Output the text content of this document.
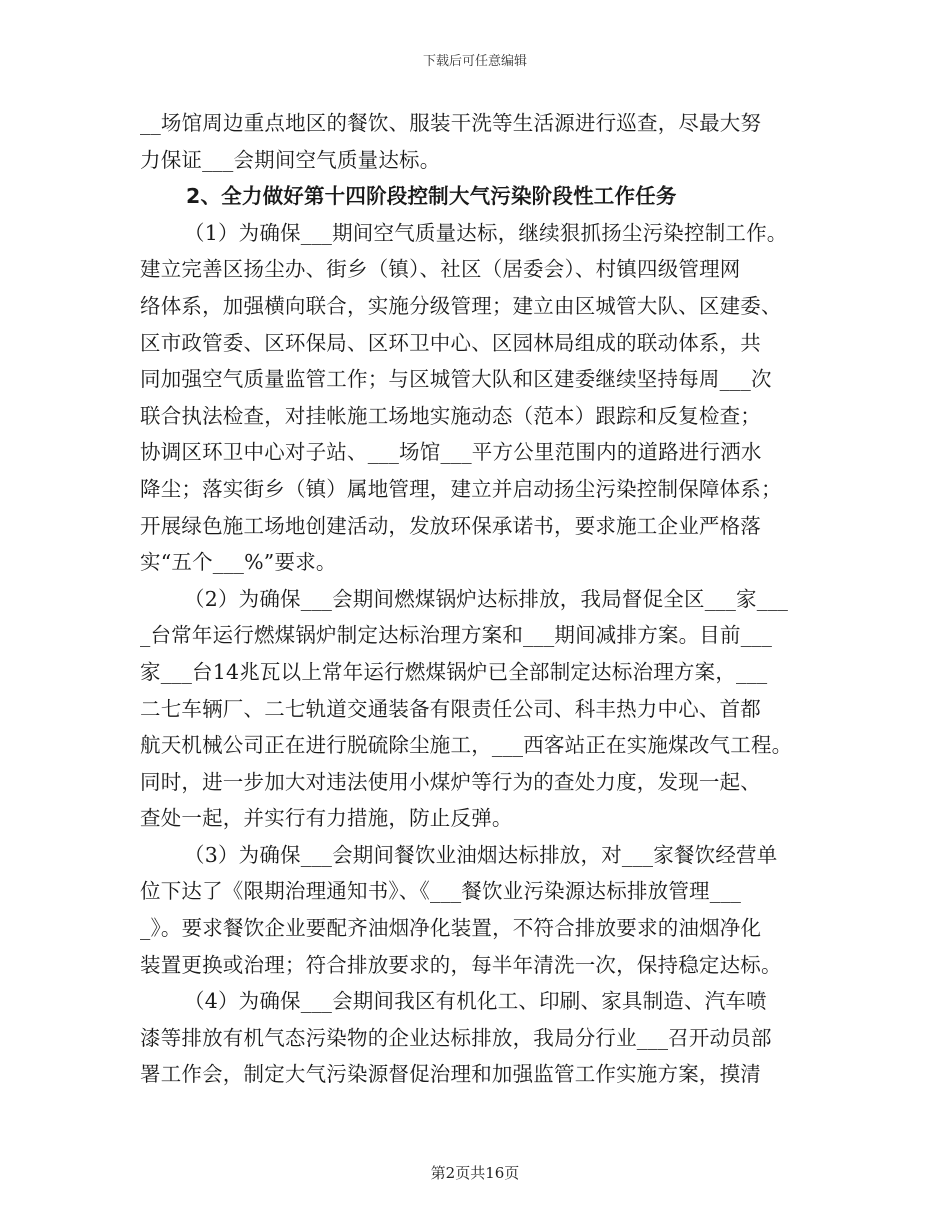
下载后可任意编辑
__场馆周边重点地区的餐饮、服装干洗等生活源进行巡查，尽最大努
力保证___会期间空气质量达标。
2、全力做好第十四阶段控制大气污染阶段性工作任务
（1）为确保___期间空气质量达标，继续狠抓扬尘污染控制工作。
建立完善区扬尘办、街乡（镇）、社区（居委会）、村镇四级管理网
络体系，加强横向联合，实施分级管理；建立由区城管大队、区建委、
区市政管委、区环保局、区环卫中心、区园林局组成的联动体系，共
同加强空气质量监管工作；与区城管大队和区建委继续坚持每周___次
联合执法检查，对挂帐施工场地实施动态（范本）跟踪和反复检查；
协调区环卫中心对子站、___场馆___平方公里范围内的道路进行洒水
降尘；落实街乡（镇）属地管理，建立并启动扬尘污染控制保障体系；
开展绿色施工场地创建活动，发放环保承诺书，要求施工企业严格落
实“五个___%”要求。
（2）为确保___会期间燃煤锅炉达标排放，我局督促全区___家___
_台常年运行燃煤锅炉制定达标治理方案和___期间减排方案。目前___
家___台14兆瓦以上常年运行燃煤锅炉已全部制定达标治理方案，___
二七车辆厂、二七轨道交通装备有限责任公司、科丰热力中心、首都
航天机械公司正在进行脱硫除尘施工，___西客站正在实施煤改气工程。
同时，进一步加大对违法使用小煤炉等行为的查处力度，发现一起、
查处一起，并实行有力措施，防止反弹。
（3）为确保___会期间餐饮业油烟达标排放，对___家餐饮经营单
位下达了《限期治理通知书》、《___餐饮业污染源达标排放管理___
_》。要求餐饮企业要配齐油烟净化装置，不符合排放要求的油烟净化
装置更换或治理；符合排放要求的，每半年清洗一次，保持稳定达标。
（4）为确保___会期间我区有机化工、印刷、家具制造、汽车喷
漆等排放有机气态污染物的企业达标排放，我局分行业___召开动员部
署工作会，制定大气污染源督促治理和加强监管工作实施方案，摸清
第2页共16页
